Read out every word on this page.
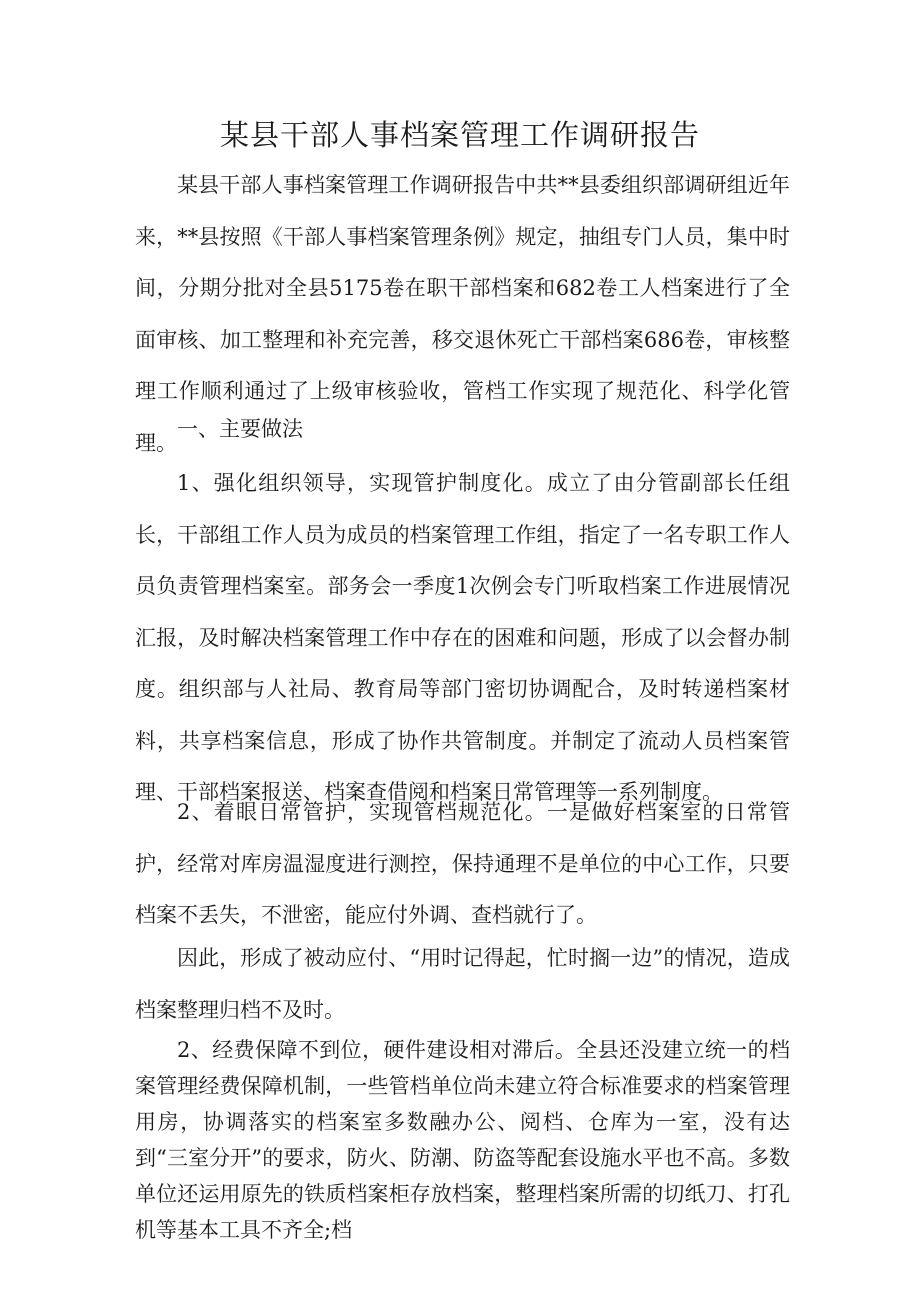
某县干部人事档案管理工作调研报告

某县干部人事档案管理工作调研报告中共**县委组织部调研组近年来，**县按照《干部人事档案管理条例》规定，抽组专门人员，集中时间，分期分批对全县5175卷在职干部档案和682卷工人档案进行了全面审核、加工整理和补充完善，移交退休死亡干部档案686卷，审核整理工作顺利通过了上级审核验收，管档工作实现了规范化、科学化管理。

一、主要做法

1、强化组织领导，实现管护制度化。成立了由分管副部长任组长，干部组工作人员为成员的档案管理工作组，指定了一名专职工作人员负责管理档案室。部务会一季度1次例会专门听取档案工作进展情况汇报，及时解决档案管理工作中存在的困难和问题，形成了以会督办制度。组织部与人社局、教育局等部门密切协调配合，及时转递档案材料，共享档案信息，形成了协作共管制度。并制定了流动人员档案管理、干部档案报送、档案查借阅和档案日常管理等一系列制度。

2、着眼日常管护，实现管档规范化。一是做好档案室的日常管护，经常对库房温湿度进行测控，保持通理不是单位的中心工作，只要档案不丢失，不泄密，能应付外调、查档就行了。

因此，形成了被动应付、“用时记得起，忙时搁一边”的情况，造成档案整理归档不及时。

2、经费保障不到位，硬件建设相对滞后。全县还没建立统一的档案管理经费保障机制，一些管档单位尚未建立符合标准要求的档案管理用房，协调落实的档案室多数融办公、阅档、仓库为一室，没有达到“三室分开”的要求，防火、防潮、防盗等配套设施水平也不高。多数单位还运用原先的铁质档案柜存放档案，整理档案所需的切纸刀、打孔机等基本工具不齐全;档
